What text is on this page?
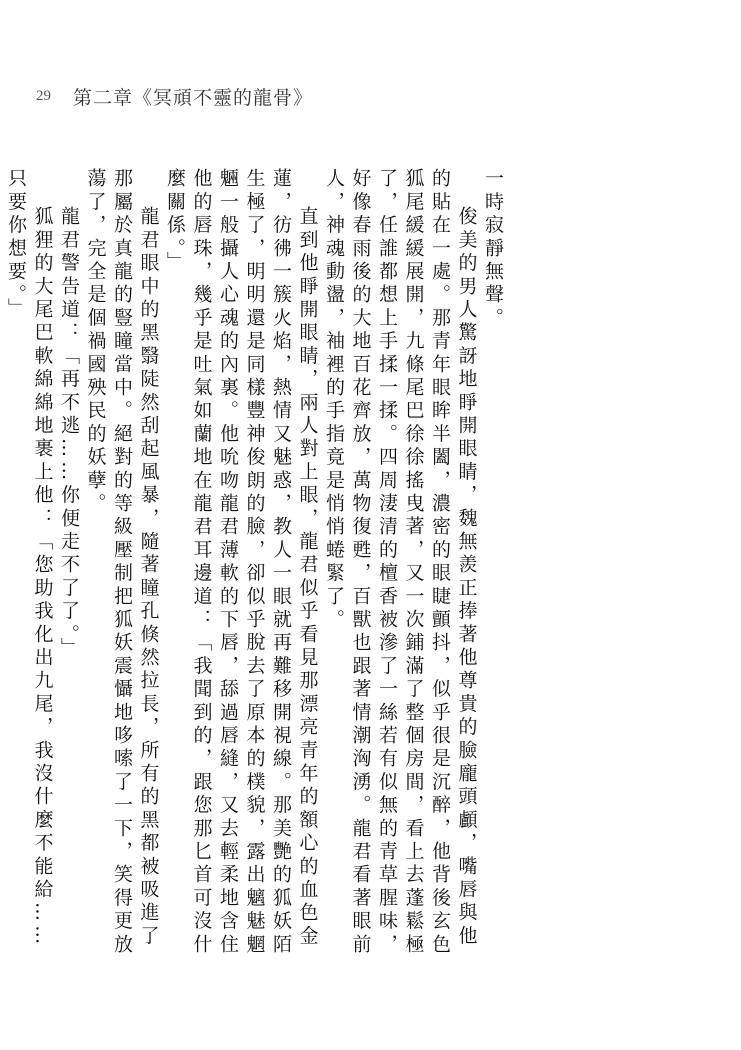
29 第二章《冥頑不靈的龍骨》

一時寂靜無聲。

俊美的男人驚訝地睜開眼睛，魏無羨正捧著他尊貴的臉龐頭顱，嘴唇與他的貼在一處。那青年眼眸半闔，濃密的眼睫顫抖，似乎很是沉醉，他背後玄色狐尾緩緩展開，九條尾巴徐徐搖曳著，又一次鋪滿了整個房間，看上去蓬鬆極了，任誰都想上手揉一揉。四周淒清的檀香被滲了一絲若有似無的青草腥味，好像春雨後的大地百花齊放，萬物復甦，百獸也跟著情潮洶湧。龍君看著眼前人，神魂動盪，袖裡的手指竟是悄悄蜷緊了。

直到他睜開眼睛，兩人對上眼，龍君似乎看見那漂亮青年的額心的血色金蓮，彷彿一簇火焰，熱情又魅惑，教人一眼就再難移開視線。那美艷的狐妖陌生極了，明明還是同樣豐神俊朗的臉，卻似乎脫去了原本的樸貌，露出魑魅魍魎一般攝人心魂的內裏。他吮吻龍君薄軟的下唇，舔過唇縫，又去輕柔地含住他的唇珠，幾乎是吐氣如蘭地在龍君耳邊道：「我聞到的，跟您那匕首可沒什麼關係。」

龍君眼中的黑翳陡然刮起風暴，隨著瞳孔倏然拉長，所有的黑都被吸進了那屬於真龍的豎瞳當中。絕對的等級壓制把狐妖震懾地哆嗦了一下，笑得更放蕩了，完全是個禍國殃民的妖孽。

龍君警告道：「再不逃……你便走不了了。」

狐狸的大尾巴軟綿綿地裹上他：「您助我化出九尾，我沒什麼不能給……只要你想要。」
